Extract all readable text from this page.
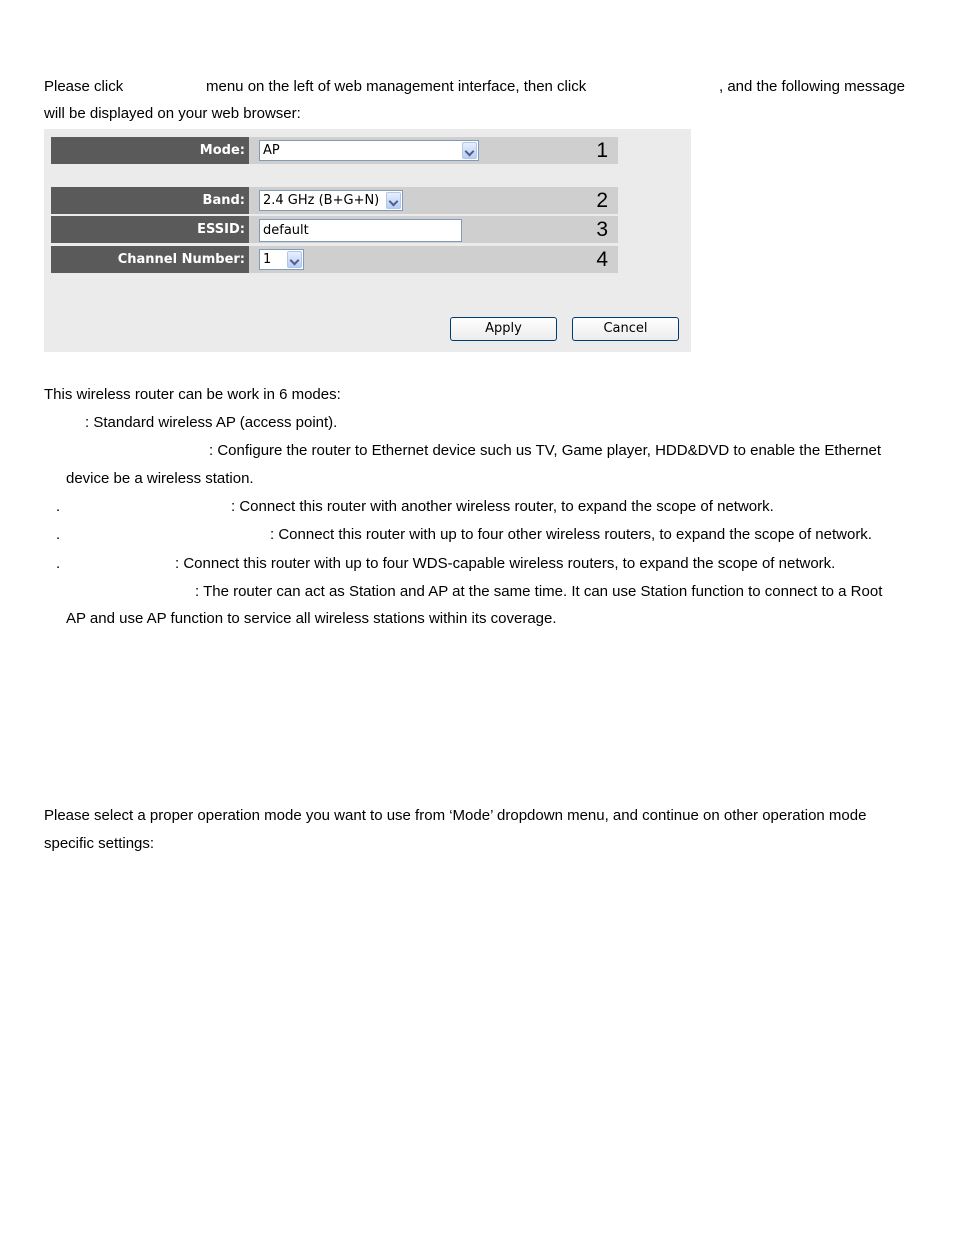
Please click	menu on the left of web management interface, then click	, and the following message
will be displayed on your web browser:
Mode:	AP	1
Band:	2.4 GHz (B+G+N)	2
ESSID:	default	3
Channel Number:	1	4
Apply	Cancel
This wireless router can be work in 6 modes:
: Standard wireless AP (access point).
: Configure the router to Ethernet device such us TV, Game player, HDD&DVD to enable the Ethernet
device be a wireless station.
.	: Connect this router with another wireless router, to expand the scope of network.
.	: Connect this router with up to four other wireless routers, to expand the scope of network.
.	: Connect this router with up to four WDS-capable wireless routers, to expand the scope of network.
: The router can act as Station and AP at the same time. It can use Station function to connect to a Root
AP and use AP function to service all wireless stations within its coverage.
Please select a proper operation mode you want to use from ‘Mode’ dropdown menu, and continue on other operation mode
specific settings:
